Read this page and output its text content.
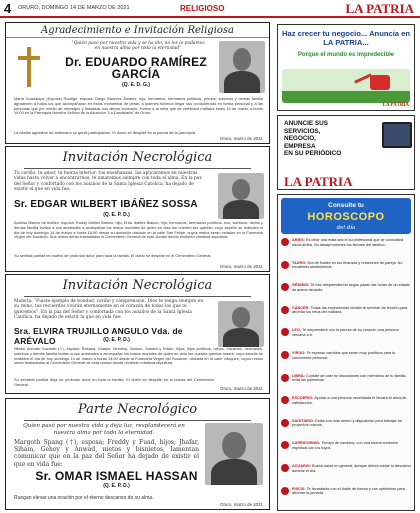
4 ORURO, DOMINGO 14 DE MARZO DE 2021	RELIGIOSO	LA PATRIA
Agradecimiento e Invitación Religiosa
“Quien pasó por nuestra vida y se ha ido, no los lo podamos en nuestra alma por toda la eternidad”
Dr. EDUARDO RAMÍREZ GARCÍA
(Q. E. D. G.)
María Guadalupe (Esposa) Rodrigo, esposa; Diego Ramírez Álvarez, hijo; hermanos, hermanos políticos, primos, sobrinos y demás familia agradecen a todos los que acompañaron en estos momentos de pesar, a quienes hicieron llegar sus condolencias en forma personal y a las personas que por medio de mensajes y llamadas nos dieron consuelo. Invitan a la misa que se celebrará mañana lunes 15 de marzo a horas 19:00 en la Parroquia Nuestra Señora de la Asunción “La Candelaria” de Oruro.
La familia agradece de antemano su gentil participación. El duelo se despide en la puerta de la parroquia.
Oruro, marzo de 2021
Invitación Necrológica
Tu cariño, tu amor, tu fuerza interior, tus enseñanzas, las aplicaremos en nuestras vidas hasta volver a encontrarnos, te amaremos siempre con toda el alma. En la paz del Señor y confortado con los auxilios de la Santa Iglesia Católica, ha dejado de existir el que en vida fue:
Sr. EDGAR WILBERT IBÁÑEZ SOSSA
(Q. E. P. D.)
Aronisa Blanco de Ibáñez, esposa; Ruddy Ibáñez Blanco, hijo; Erick Ibáñez Blanco, hijo; hermanos, hermanos políticos, tíos, sobrinos, nietos y demás familia invitan a sus amistades a acompañar los restos mortales de quien en vida fue nuestro ser querido, cuyo sepelio se realizará el día de hoy domingo 14 de marzo a horas 15:00 desde su domicilio ubicado en la calle San Felipe, cuyos restos serán velados en la Funeraria Virgen del Socavón. Sus restos serán trasladados al Cementerio General de esta ciudad donde recibirán cristiana sepultura.
Su sentida partida es motivo de profundo dolor para toda la familia. El duelo se despide en el Cementerio General.
Oruro, marzo de 2021
Invitación Necrológica
Mamita: “Fuiste ejemplo de bondad, cariño y comprensión. Dios te tenga siempre en su reino, tus recuerdos vivirán eternamente en el corazón de todos los que te queremos”. En la paz del Señor y confortada con los auxilios de la Santa Iglesia Católica, ha dejado de existir la que en vida fue:
Sra. ELVIRA TRUJILLO ANGULO Vda. de ARÉVALO	(Q. E. P. D.)
Néstor Arévalo Guzmán (†), esposo; Rosana, Gladys, Herminy, Gerson, Sandra y Edwin, hijos; hijos políticos, nietos, bisnietos, hermanos, sobrinos y demás familia invitan a sus amistades a acompañar los restos mortales de quien en vida fue nuestra querida madre, cuyo sepelio se realizará el día de hoy domingo 14 de marzo a horas 14:00 desde la Funeraria Virgen del Socavón, ubicada en la calle Vásquez, cuyos restos serán trasladados al Cementerio General de esta ciudad donde recibirán cristiana sepultura.
Su sensible partida deja un profundo dolor en toda la familia. El duelo se despide en la puerta del Cementerio General.
Oruro, marzo de 2021
Parte Necrológico
Quien pasó por nuestra vida y deja luz, resplandecerá en nuestra alma por toda la eternidad.
Margoth Spang (†), esposa; Freddy y Fuad, hijos; Jhafar, Siham, Gehey y Anwad, nietos y bisnietos, lamentan comunicar que en la paz del Señor ha dejado de existir el que en vida fue:
Sr. OMAR ISMAEL HASSAN
(Q. E. P. D.)
Ruegan elevar una oración por el eterno descanso de su alma.
Oruro, marzo de 2021
Haz crecer tu negocio... Anuncia en LA PATRIA...
Porque el mundo es impredecible
LA PATRIA
ANUNCIE SUS
SERVICIOS,
NEGOCIO,
EMPRESA
EN SU PERIÓDICO
LA PATRIA
Consulte tu
HOROSCOPO
del día
ARIES: Es decir una mala sea el su profesional que se consultará hacia arriba. No desaproveches los favores del destino.
TAURO: Día de fluidez en tus finanzas y relaciones de pareja. No escatimes sentimientos.
GÉMINIS: Te irás desprendiendo según pasan las horas de un estado de ánimo decaído.
CÁNCER: Todas las experiencias vividas te servirán de lección para afrontar los retos del mañana.
LEO: Te sorprenderá con la pureza de su corazón una persona cercana a ti.
VIRGO: Te esperan cambios que serán muy positivos para tu crecimiento personal.
LIBRA: Cuídate de caer en discusiones con miembros de tu familia, evita las polémicas.
ESCORPIO: Ayudar a una persona necesitada te llenará el alma de satisfacción.
SAGITARIO: Estás con más ánimo y disposición para trabajar en proyectos nuevos.
CAPRICORNIO: Tiempo de cambios, con una buena conexión espiritual con los tuyos.
ACUARIO: Buena salud en general, aunque debes cuidar tu descanso durante el día.
PISCIS: Te levantarás con el doble de fuerza y con optimismo para afrontar la jornada.
